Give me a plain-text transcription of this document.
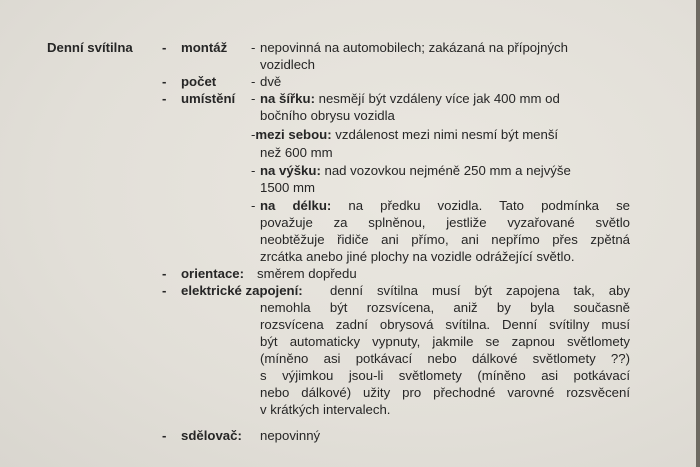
Denní svítilna - montáž - nepovinná na automobilech; zakázaná na přípojných
vozidlech
- počet	- dvě
- umístění - na šířku: nesmějí být vzdáleny více jak 400 mm od
bočního obrysu vozidla
-mezi sebou: vzdálenost mezi nimi nesmí být menší
než 600 mm
- na výšku: nad vozovkou nejméně 250 mm a nejvýše
1500 mm
- na délku: na předku vozidla. Tato podmínka se
považuje za splněnou, jestliže vyzařované světlo
neobtěžuje řidiče ani přímo, ani nepřímo přes zpětná
zrcátka anebo jiné plochy na vozidle odrážející světlo.
- orientace: směrem dopředu
- elektrické zapojení: denní svítilna musí být zapojena tak, aby
nemohla být rozsvícena, aniž by byla současně
rozsvícena zadní obrysová svítilna. Denní svítilny musí
být automaticky vypnuty, jakmile se zapnou světlomety
(míněno asi potkávací nebo dálkové světlomety ??)
s výjimkou jsou-li světlomety (míněno asi potkávací
nebo dálkové) užity pro přechodné varovné rozsvěcení
v krátkých intervalech.
- sdělovač: nepovinný
